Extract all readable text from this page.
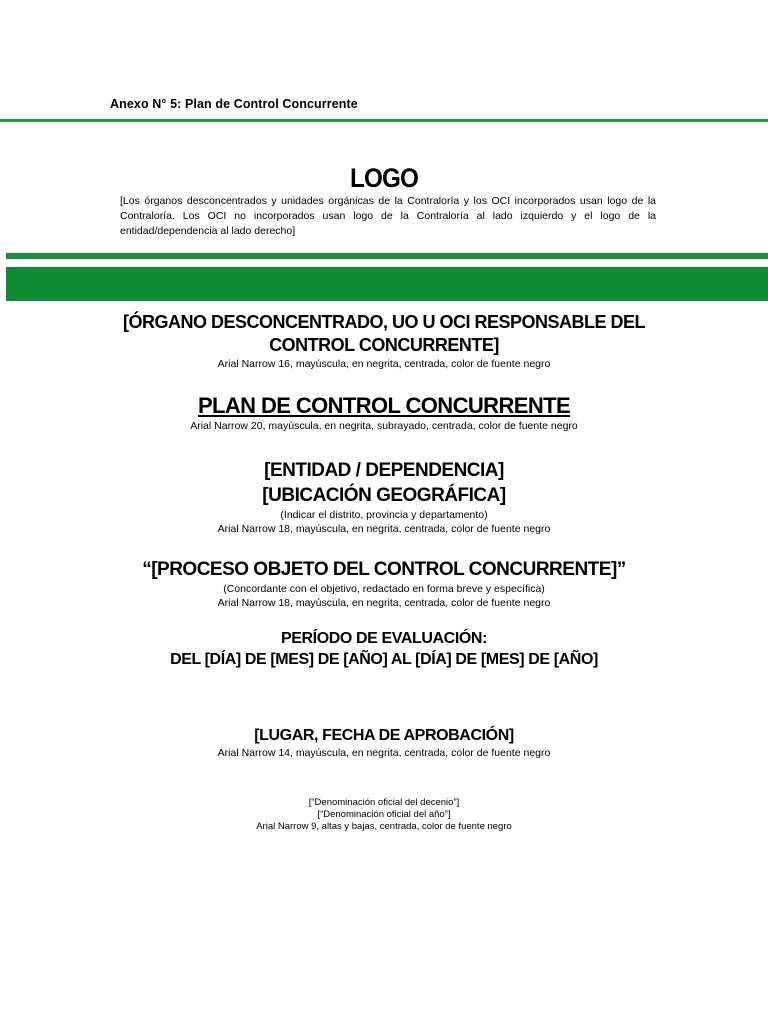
Anexo N° 5: Plan de Control Concurrente
LOGO
[Los órganos desconcentrados y unidades orgánicas de la Contraloría y los OCI incorporados usan logo de la Contraloría. Los OCI no incorporados usan logo de la Contraloría al lado izquierdo y el logo de la entidad/dependencia al lado derecho]
[ÓRGANO DESCONCENTRADO, UO U OCI RESPONSABLE DEL
CONTROL CONCURRENTE]
Arial Narrow 16, mayúscula, en negrita, centrada, color de fuente negro
PLAN DE CONTROL CONCURRENTE
Arial Narrow 20, mayúscula, en negrita, subrayado, centrada, color de fuente negro
[ENTIDAD / DEPENDENCIA]
[UBICACIÓN GEOGRÁFICA]
(Indicar el distrito, provincia y departamento)
Arial Narrow 18, mayúscula, en negrita, centrada, color de fuente negro
“[PROCESO OBJETO DEL CONTROL CONCURRENTE]”
(Concordante con el objetivo, redactado en forma breve y específica)
Arial Narrow 18, mayúscula, en negrita, centrada, color de fuente negro
PERÍODO DE EVALUACIÓN:
DEL [DÍA] DE [MES] DE [AÑO] AL [DÍA] DE [MES] DE [AÑO]
[LUGAR, FECHA DE APROBACIÓN]
Arial Narrow 14, mayúscula, en negrita, centrada, color de fuente negro
[“Denominación oficial del decenio”]
[“Denominación oficial del año”]
Arial Narrow 9, altas y bajas, centrada, color de fuente negro
